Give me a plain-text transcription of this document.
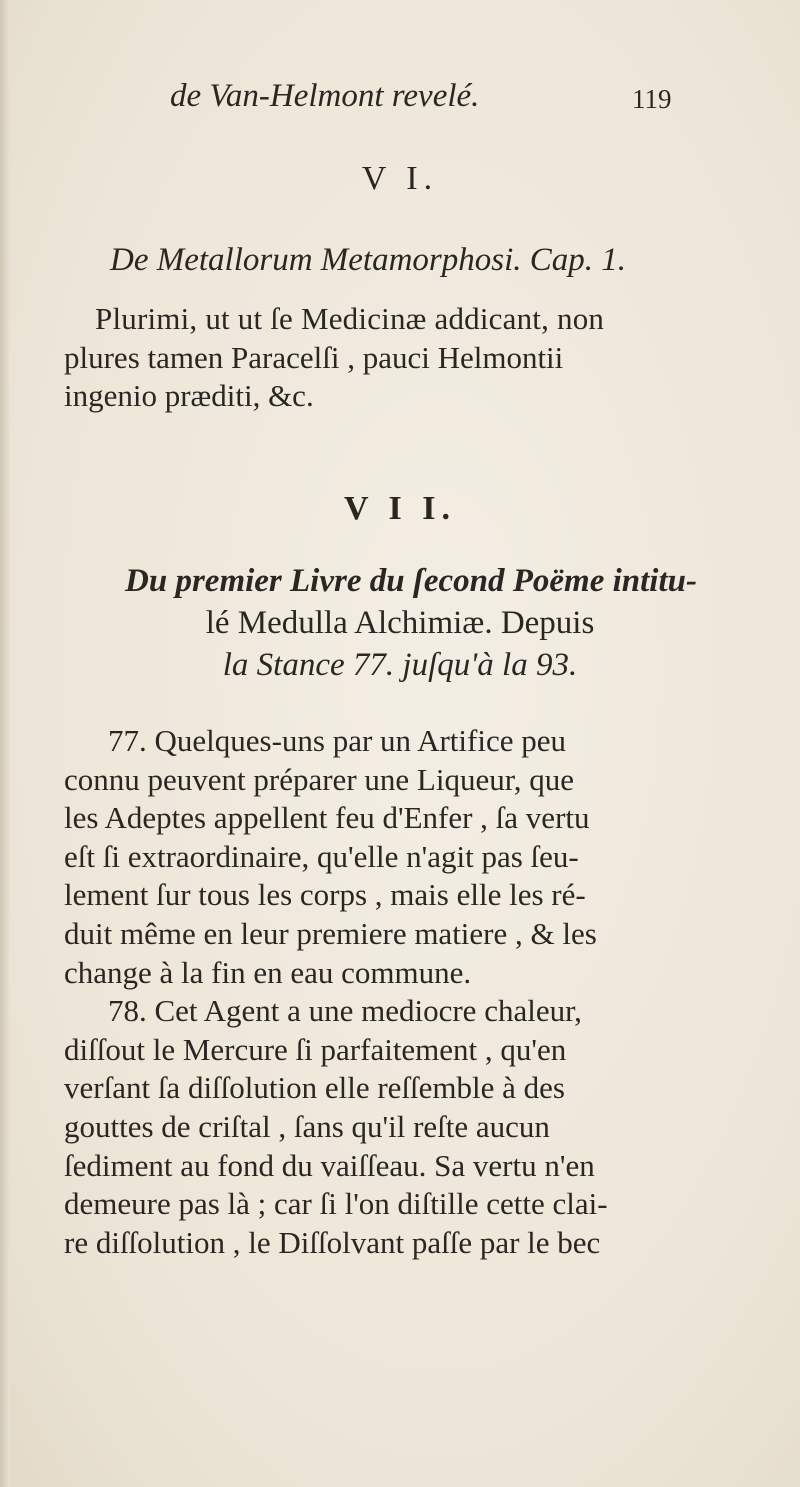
de Van-Helmont revelé.	119
V I.
De Metallorum Metamorphosi. Cap. 1.
Plurimi, ut ut ſe Medicinæ addicant, non
plures tamen Paracelſi , pauci Helmontii
ingenio præditi, &c.
V I I.
Du premier Livre du ſecond Poëme intitu-
lé Medulla Alchimiæ. Depuis
la Stance 77. juſqu'à la 93.
77. Quelques-uns par un Artifice peu
connu peuvent préparer une Liqueur, que
les Adeptes appellent feu d'Enfer , ſa vertu
eſt ſi extraordinaire, qu'elle n'agit pas ſeu-
lement ſur tous les corps , mais elle les ré-
duit même en leur premiere matiere , & les
change à la fin en eau commune.
78. Cet Agent a une mediocre chaleur,
diſſout le Mercure ſi parfaitement , qu'en
verſant ſa diſſolution elle reſſemble à des
gouttes de criſtal , ſans qu'il reſte aucun
ſediment au fond du vaiſſeau. Sa vertu n'en
demeure pas là ; car ſi l'on diſtille cette clai-
re diſſolution , le Diſſolvant paſſe par le bec
